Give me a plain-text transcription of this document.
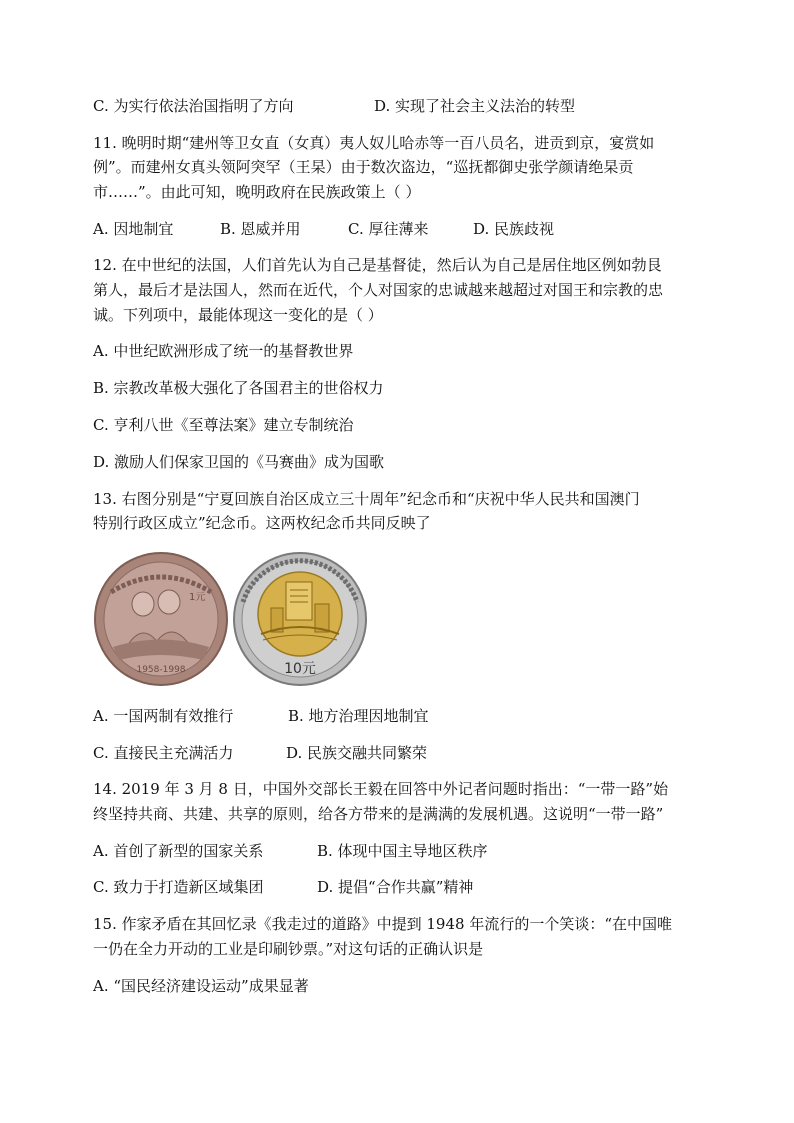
C. 为实行依法治国指明了方向	D. 实现了社会主义法治的转型
11. 晚明时期“建州等卫女直（女真）夷人奴儿哈赤等一百八员名，进贡到京，宴赏如
例”。而建州女真头领阿突罕（王杲）由于数次盗边，“巡抚都御史张学颜请绝杲贡
市……”。由此可知，晚明政府在民族政策上（ ）
A. 因地制宜	B. 恩威并用	C. 厚往薄来	D. 民族歧视
12. 在中世纪的法国，人们首先认为自己是基督徒，然后认为自己是居住地区例如勃艮
第人，最后才是法国人，然而在近代，个人对国家的忠诚越来越超过对国王和宗教的忠
诚。下列项中，最能体现这一变化的是（ ）
A. 中世纪欧洲形成了统一的基督教世界
B. 宗教改革极大强化了各国君主的世俗权力
C. 亨利八世《至尊法案》建立专制统治
D. 激励人们保家卫国的《马赛曲》成为国歌
13. 右图分别是“宁夏回族自治区成立三十周年”纪念币和“庆祝中华人民共和国澳门
特别行政区成立”纪念币。这两枚纪念币共同反映了
1元
1958-1998	10元
A. 一国两制有效推行	B. 地方治理因地制宜
C. 直接民主充满活力	D. 民族交融共同繁荣
14. 2019 年 3 月 8 日，中国外交部长王毅在回答中外记者问题时指出：“一带一路”始
终坚持共商、共建、共享的原则，给各方带来的是满满的发展机遇。这说明“一带一路”
A. 首创了新型的国家关系	B. 体现中国主导地区秩序
C. 致力于打造新区域集团	D. 提倡“合作共赢”精神
15. 作家矛盾在其回忆录《我走过的道路》中提到 1948 年流行的一个笑谈：“在中国唯
一仍在全力开动的工业是印刷钞票。”对这句话的正确认识是
A. “国民经济建设运动”成果显著
